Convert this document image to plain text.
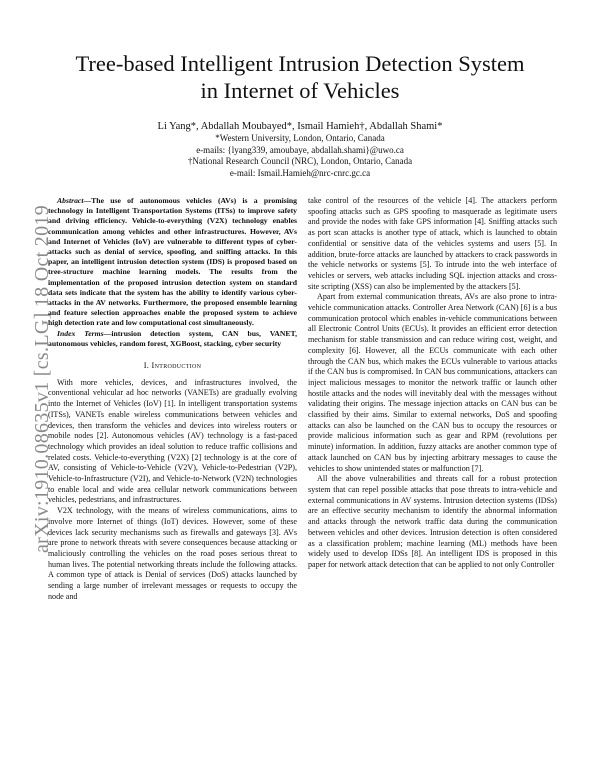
arXiv:1910.08635v1 [cs.LG] 18 Oct 2019
Tree-based Intelligent Intrusion Detection System
in Internet of Vehicles
Li Yang*, Abdallah Moubayed*, Ismail Hamieh†, Abdallah Shami*
*Western University, London, Ontario, Canada
e-mails: {lyang339, amoubaye, abdallah.shami}@uwo.ca
†National Research Council (NRC), London, Ontario, Canada
e-mail: Ismail.Hamieh@nrc-cnrc.gc.ca

Abstract—The use of autonomous vehicles (AVs) is a promising technology in Intelligent Transportation Systems (ITSs) to improve safety and driving efficiency. Vehicle-to-everything (V2X) technology enables communication among vehicles and other infrastructures. However, AVs and Internet of Vehicles (IoV) are vulnerable to different types of cyber-attacks such as denial of service, spoofing, and sniffing attacks. In this paper, an intelligent intrusion detection system (IDS) is proposed based on tree-structure machine learning models. The results from the implementation of the proposed intrusion detection system on standard data sets indicate that the system has the ability to identify various cyber-attacks in the AV networks. Furthermore, the proposed ensemble learning and feature selection approaches enable the proposed system to achieve high detection rate and low computational cost simultaneously.

Index Terms—intrusion detection system, CAN bus, VANET, autonomous vehicles, random forest, XGBoost, stacking, cyber security

I. Introduction

With more vehicles, devices, and infrastructures involved, the conventional vehicular ad hoc networks (VANETs) are gradually evolving into the Internet of Vehicles (IoV) [1]. In intelligent transportation systems (ITSs), VANETs enable wireless communications between vehicles and devices, then transform the vehicles and devices into wireless routers or mobile nodes [2]. Autonomous vehicles (AV) technology is a fast-paced technology which provides an ideal solution to reduce traffic collisions and related costs. Vehicle-to-everything (V2X) [2] technology is at the core of AV, consisting of Vehicle-to-Vehicle (V2V), Vehicle-to-Pedestrian (V2P), Vehicle-to-Infrastructure (V2I), and Vehicle-to-Network (V2N) technologies to enable local and wide area cellular network communications between vehicles, pedestrians, and infrastructures.

V2X technology, with the means of wireless communications, aims to involve more Internet of things (IoT) devices. However, some of these devices lack security mechanisms such as firewalls and gateways [3]. AVs are prone to network threats with severe consequences because attacking or maliciously controlling the vehicles on the road poses serious threat to human lives. The potential networking threats include the following attacks. A common type of attack is Denial of services (DoS) attacks launched by sending a large number of irrelevant messages or requests to occupy the node and

take control of the resources of the vehicle [4]. The attackers perform spoofing attacks such as GPS spoofing to masquerade as legitimate users and provide the nodes with fake GPS information [4]. Sniffing attacks such as port scan attacks is another type of attack, which is launched to obtain confidential or sensitive data of the vehicles systems and users [5]. In addition, brute-force attacks are launched by attackers to crack passwords in the vehicle networks or systems [5]. To intrude into the web interface of vehicles or servers, web attacks including SQL injection attacks and cross-site scripting (XSS) can also be implemented by the attackers [5].

Apart from external communication threats, AVs are also prone to intra-vehicle communication attacks. Controller Area Network (CAN) [6] is a bus communication protocol which enables in-vehicle communications between all Electronic Control Units (ECUs). It provides an efficient error detection mechanism for stable transmission and can reduce wiring cost, weight, and complexity [6]. However, all the ECUs communicate with each other through the CAN bus, which makes the ECUs vulnerable to various attacks if the CAN bus is compromised. In CAN bus communications, attackers can inject malicious messages to monitor the network traffic or launch other hostile attacks and the nodes will inevitably deal with the messages without validating their origins. The message injection attacks on CAN bus can be classified by their aims. Similar to external networks, DoS and spoofing attacks can also be launched on the CAN bus to occupy the resources or provide malicious information such as gear and RPM (revolutions per minute) information. In addition, fuzzy attacks are another common type of attack launched on CAN bus by injecting arbitrary messages to cause the vehicles to show unintended states or malfunction [7].

All the above vulnerabilities and threats call for a robust protection system that can repel possible attacks that pose threats to intra-vehicle and external communications in AV systems. Intrusion detection systems (IDSs) are an effective security mechanism to identify the abnormal information and attacks through the network traffic data during the communication between vehicles and other devices. Intrusion detection is often considered as a classification problem; machine learning (ML) methods have been widely used to develop IDSs [8]. An intelligent IDS is proposed in this paper for network attack detection that can be applied to not only Controller
